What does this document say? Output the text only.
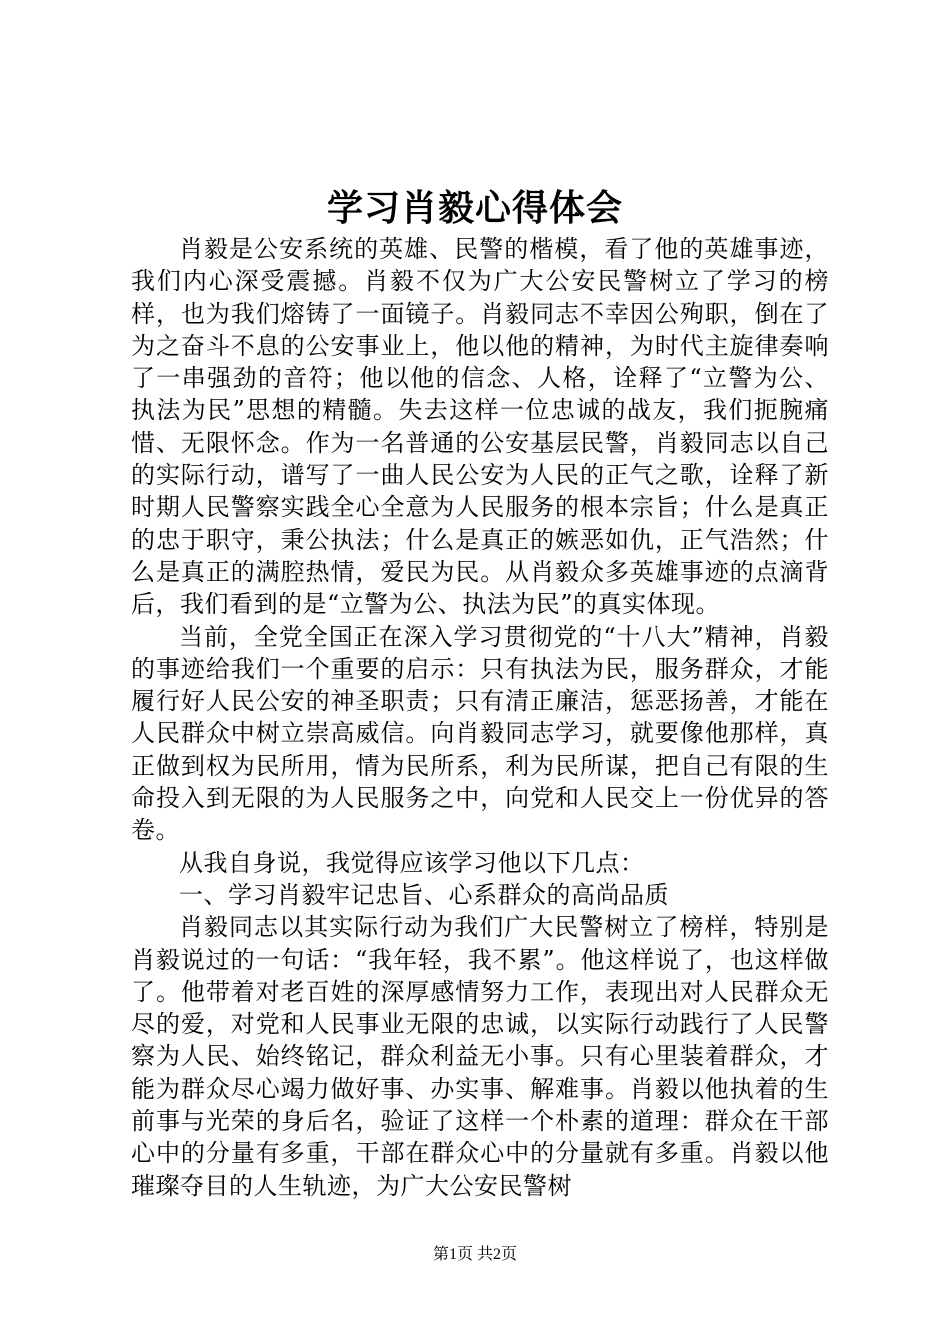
学习肖毅心得体会

肖毅是公安系统的英雄、民警的楷模，看了他的英雄事迹，我们内心深受震撼。肖毅不仅为广大公安民警树立了学习的榜样，也为我们熔铸了一面镜子。肖毅同志不幸因公殉职，倒在了为之奋斗不息的公安事业上，他以他的精神，为时代主旋律奏响了一串强劲的音符；他以他的信念、人格，诠释了“立警为公、执法为民”思想的精髓。失去这样一位忠诚的战友，我们扼腕痛惜、无限怀念。作为一名普通的公安基层民警，肖毅同志以自己的实际行动，谱写了一曲人民公安为人民的正气之歌，诠释了新时期人民警察实践全心全意为人民服务的根本宗旨；什么是真正的忠于职守，秉公执法；什么是真正的嫉恶如仇，正气浩然；什么是真正的满腔热情，爱民为民。从肖毅众多英雄事迹的点滴背后，我们看到的是“立警为公、执法为民”的真实体现。

当前，全党全国正在深入学习贯彻党的“十八大”精神，肖毅的事迹给我们一个重要的启示：只有执法为民，服务群众，才能履行好人民公安的神圣职责；只有清正廉洁，惩恶扬善，才能在人民群众中树立崇高威信。向肖毅同志学习，就要像他那样，真正做到权为民所用，情为民所系，利为民所谋，把自己有限的生命投入到无限的为人民服务之中，向党和人民交上一份优异的答卷。

从我自身说，我觉得应该学习他以下几点：

一、学习肖毅牢记忠旨、心系群众的高尚品质

肖毅同志以其实际行动为我们广大民警树立了榜样，特别是肖毅说过的一句话：“我年轻，我不累”。他这样说了，也这样做了。他带着对老百姓的深厚感情努力工作，表现出对人民群众无尽的爱，对党和人民事业无限的忠诚，以实际行动践行了人民警察为人民、始终铭记，群众利益无小事。只有心里装着群众，才能为群众尽心竭力做好事、办实事、解难事。肖毅以他执着的生前事与光荣的身后名，验证了这样一个朴素的道理：群众在干部心中的分量有多重，干部在群众心中的分量就有多重。肖毅以他璀璨夺目的人生轨迹，为广大公安民警树

第1页 共2页
